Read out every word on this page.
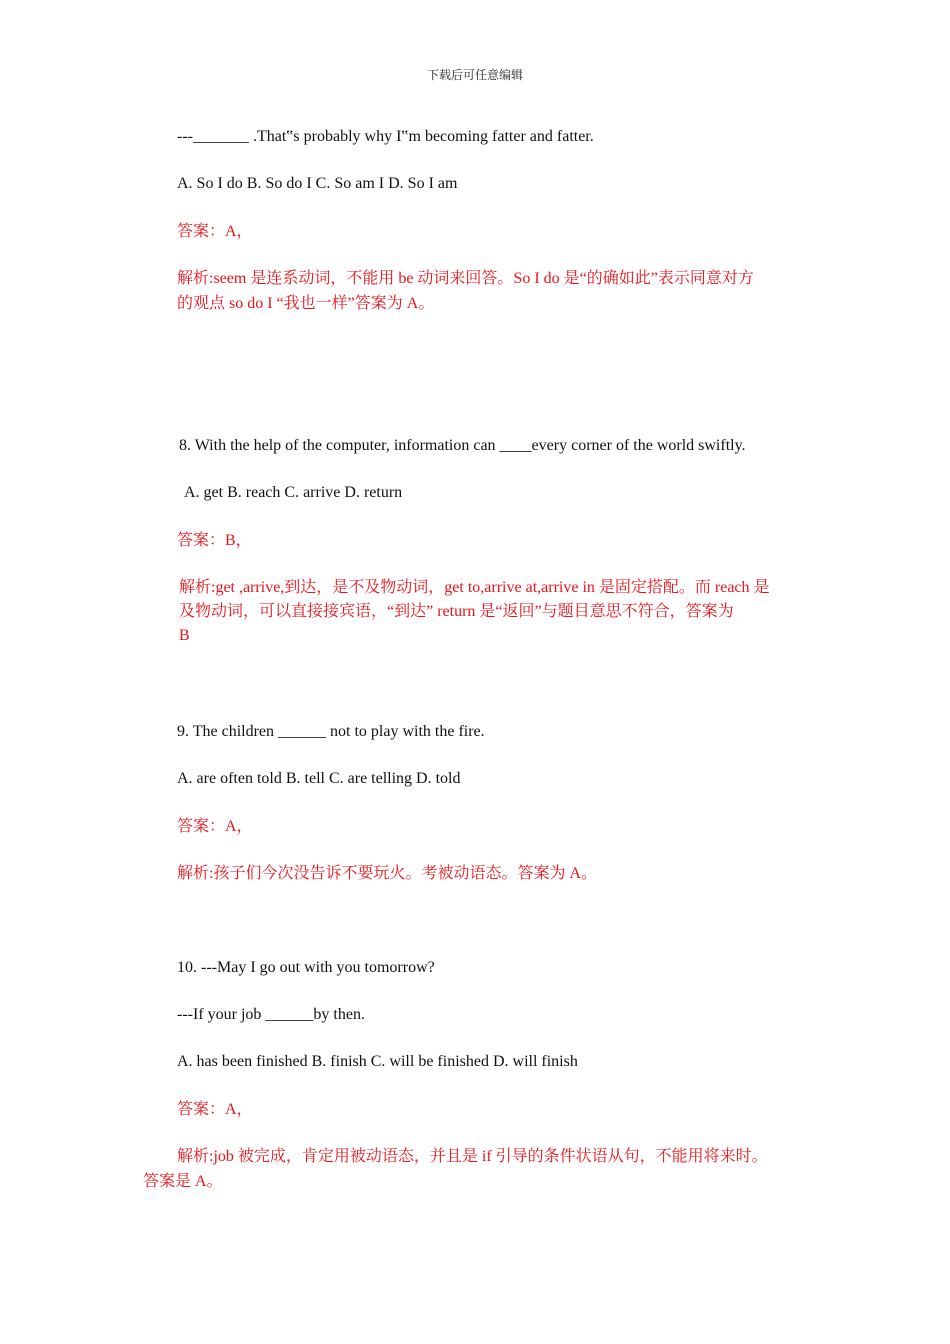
下载后可任意编辑
---_______ .That‟s probably why I‟m becoming fatter and fatter.
A. So I do B. So do I C. So am I D. So I am
答案：A，
解析:seem 是连系动词，不能用 be 动词来回答。So I do 是“的确如此”表示同意对方
的观点 so do I “我也一样”答案为 A。
8. With the help of the computer, information can ____every corner of the world swiftly.
A. get B. reach C. arrive D. return
答案：B，
解析:get ,arrive,到达，是不及物动词，get to,arrive at,arrive in 是固定搭配。而 reach 是
及物动词，可以直接接宾语，“到达” return 是“返回”与题目意思不符合，答案为
B
9. The children ______ not to play with the fire.
A. are often told B. tell C. are telling D. told
答案：A，
解析:孩子们今次没告诉不要玩火。考被动语态。答案为 A。
10. ---May I go out with you tomorrow?
---If your job ______by then.
A. has been finished B. finish C. will be finished D. will finish
答案：A，
解析:job 被完成，肯定用被动语态，并且是 if 引导的条件状语从句，不能用将来时。
答案是 A。
